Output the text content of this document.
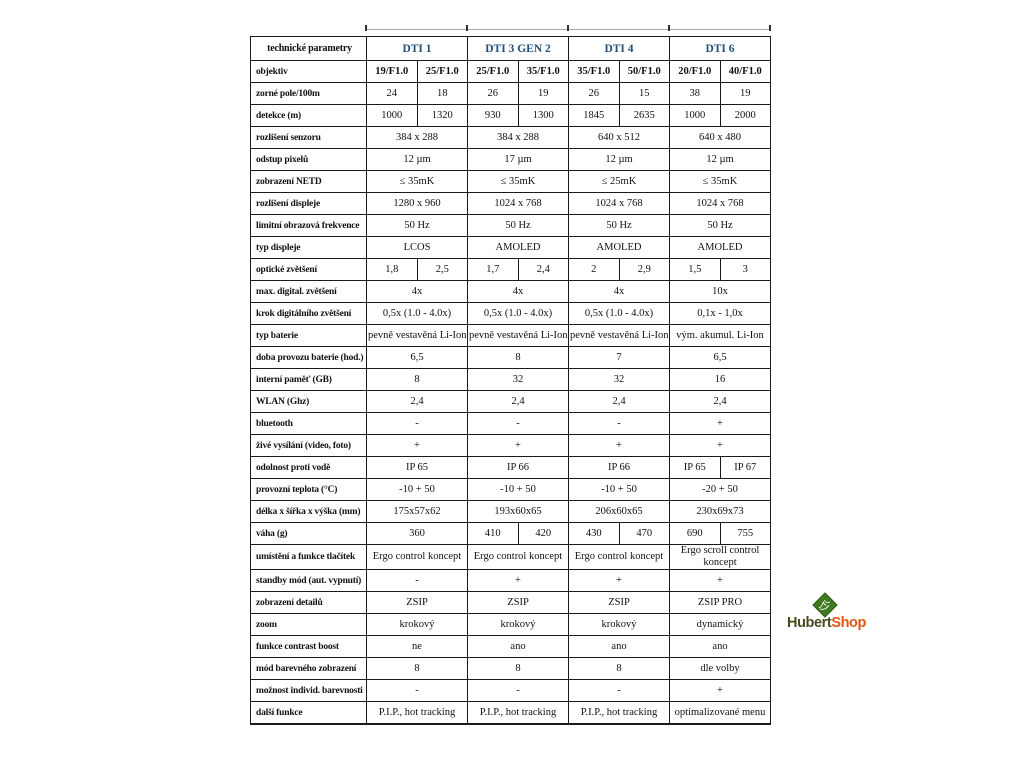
technické parametry	DTI 1		DTI 3 GEN 2		DTI 4		DTI 6	
objektiv	19/F1.0	25/F1.0	25/F1.0	35/F1.0	35/F1.0	50/F1.0	20/F1.0	40/F1.0
zorné pole/100m	24	18	26	19	26	15	38	19
detekce (m)	1000	1320	930	1300	1845	2635	1000	2000
rozlišení senzoru	384 x 288		384 x 288		640 x 512		640 x 480	
odstup pixelů	12 µm		17 µm		12 µm		12 µm	
zobrazení NETD	≤ 35mK		≤ 35mK		≤ 25mK		≤ 35mK	
rozlišení displeje	1280 x 960		1024 x 768		1024 x 768		1024 x 768	
limitní obrazová frekvence	50 Hz		50 Hz		50 Hz		50 Hz	
typ displeje	LCOS		AMOLED		AMOLED		AMOLED	
optické zvětšení	1,8	2,5	1,7	2,4	2	2,9	1,5	3
max. digital. zvětšení	4x		4x		4x		10x	
krok digitálního zvětšení	0,5x (1.0 - 4.0x)		0,5x (1.0 - 4.0x)		0,5x (1.0 - 4.0x)		0,1x - 1,0x	
typ baterie	pevně vestavěná Li-Ion		pevně vestavěná Li-Ion		pevně vestavěná Li-Ion		vým. akumul. Li-Ion	
doba provozu baterie (hod.)	6,5		8		7		6,5	
interní paměť (GB)	8		32		32		16	
WLAN (Ghz)	2,4		2,4		2,4		2,4	
bluetooth	-		-		-		+	
živé vysílání (video, foto)	+		+		+		+	
odolnost proti vodě	IP 65		IP 66		IP 66		IP 65	IP 67
provozní teplota (°C)	-10 + 50		-10 + 50		-10 + 50		-20 + 50	
délka x šířka x výška (mm)	175x57x62		193x60x65		206x60x65		230x69x73	
váha (g)	360		410	420	430	470	690	755
umístění a funkce tlačítek	Ergo control koncept		Ergo control koncept		Ergo control koncept		Ergo scroll control koncept	
standby mód (aut. vypnutí)	-		+		+		+	
zobrazení detailů	ZSIP		ZSIP		ZSIP		ZSIP PRO	
zoom	krokový		krokový		krokový		dynamický	
funkce contrast boost	ne		ano		ano		ano	
mód barevného zobrazení	8		8		8		dle volby	
možnost individ. barevnosti	-		-		-		+	
další funkce	P.I.P., hot tracking		P.I.P., hot tracking		P.I.P., hot tracking		optimalizované menu	
HubertShop
